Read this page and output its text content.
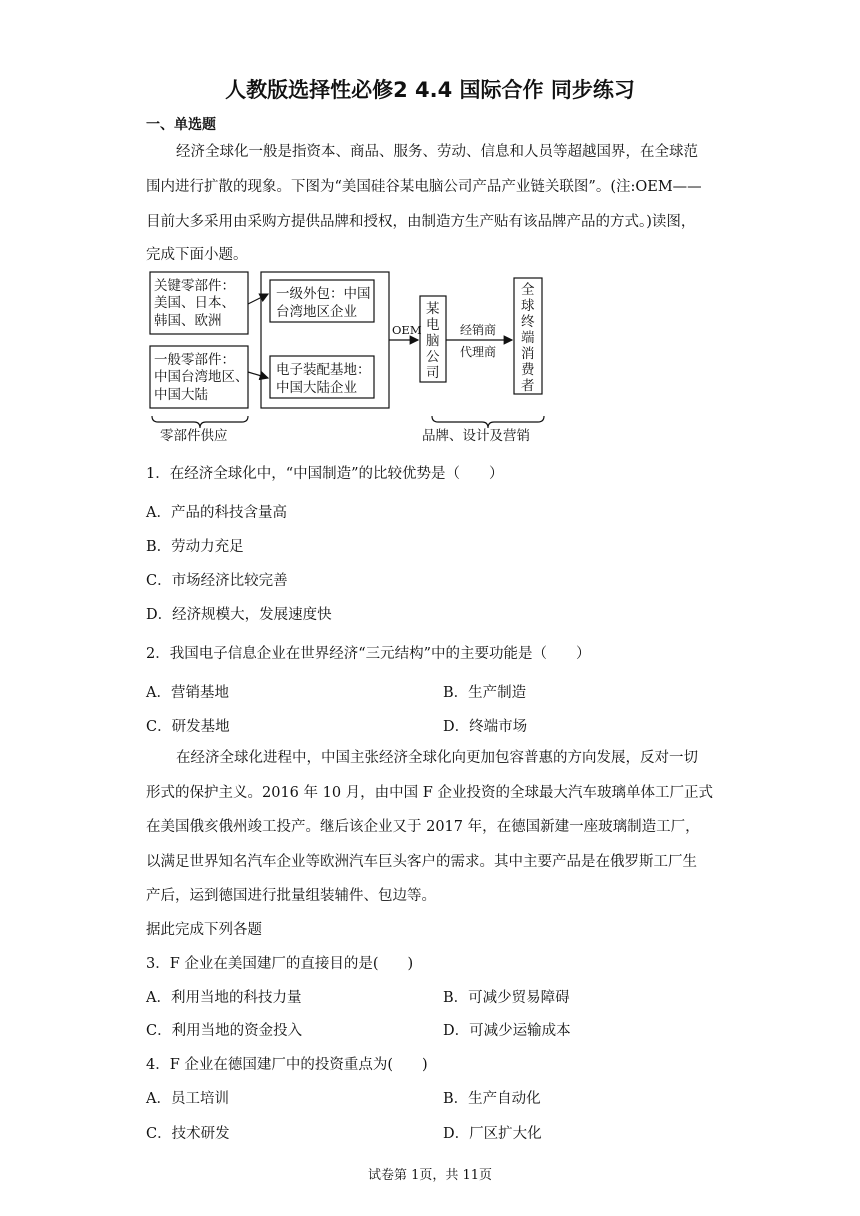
人教版选择性必修2 4.4 国际合作 同步练习
一、单选题
经济全球化一般是指资本、商品、服务、劳动、信息和人员等超越国界，在全球范
围内进行扩散的现象。下图为“美国硅谷某电脑公司产品产业链关联图”。(注:OEM——
目前大多采用由采购方提供品牌和授权，由制造方生产贴有该品牌产品的方式。)读图，
完成下面小题。
关键零部件：
美国、日本、
韩国、欧洲
一般零部件：
中国台湾地区、
中国大陆
一级外包：中国
台湾地区企业
电子装配基地：
中国大陆企业
OEM
某
电
脑
公
司
经销商
代理商
全
球
终
端
消
费
者
零部件供应	品牌、设计及营销
1．在经济全球化中，“中国制造”的比较优势是（　　）
A．产品的科技含量高
B．劳动力充足
C．市场经济比较完善
D．经济规模大，发展速度快
2．我国电子信息企业在世界经济“三元结构”中的主要功能是（　　）
A．营销基地	B．生产制造
C．研发基地	D．终端市场
在经济全球化进程中，中国主张经济全球化向更加包容普惠的方向发展，反对一切
形式的保护主义。2016 年 10 月，由中国 F 企业投资的全球最大汽车玻璃单体工厂正式
在美国俄亥俄州竣工投产。继后该企业又于 2017 年，在德国新建一座玻璃制造工厂，
以满足世界知名汽车企业等欧洲汽车巨头客户的需求。其中主要产品是在俄罗斯工厂生
产后，运到德国进行批量组装辅件、包边等。
据此完成下列各题
3．F 企业在美国建厂的直接目的是(　　)
A．利用当地的科技力量	B．可减少贸易障碍
C．利用当地的资金投入	D．可减少运输成本
4．F 企业在德国建厂中的投资重点为(　　)
A．员工培训	B．生产自动化
C．技术研发	D．厂区扩大化
试卷第 1页，共 11页
